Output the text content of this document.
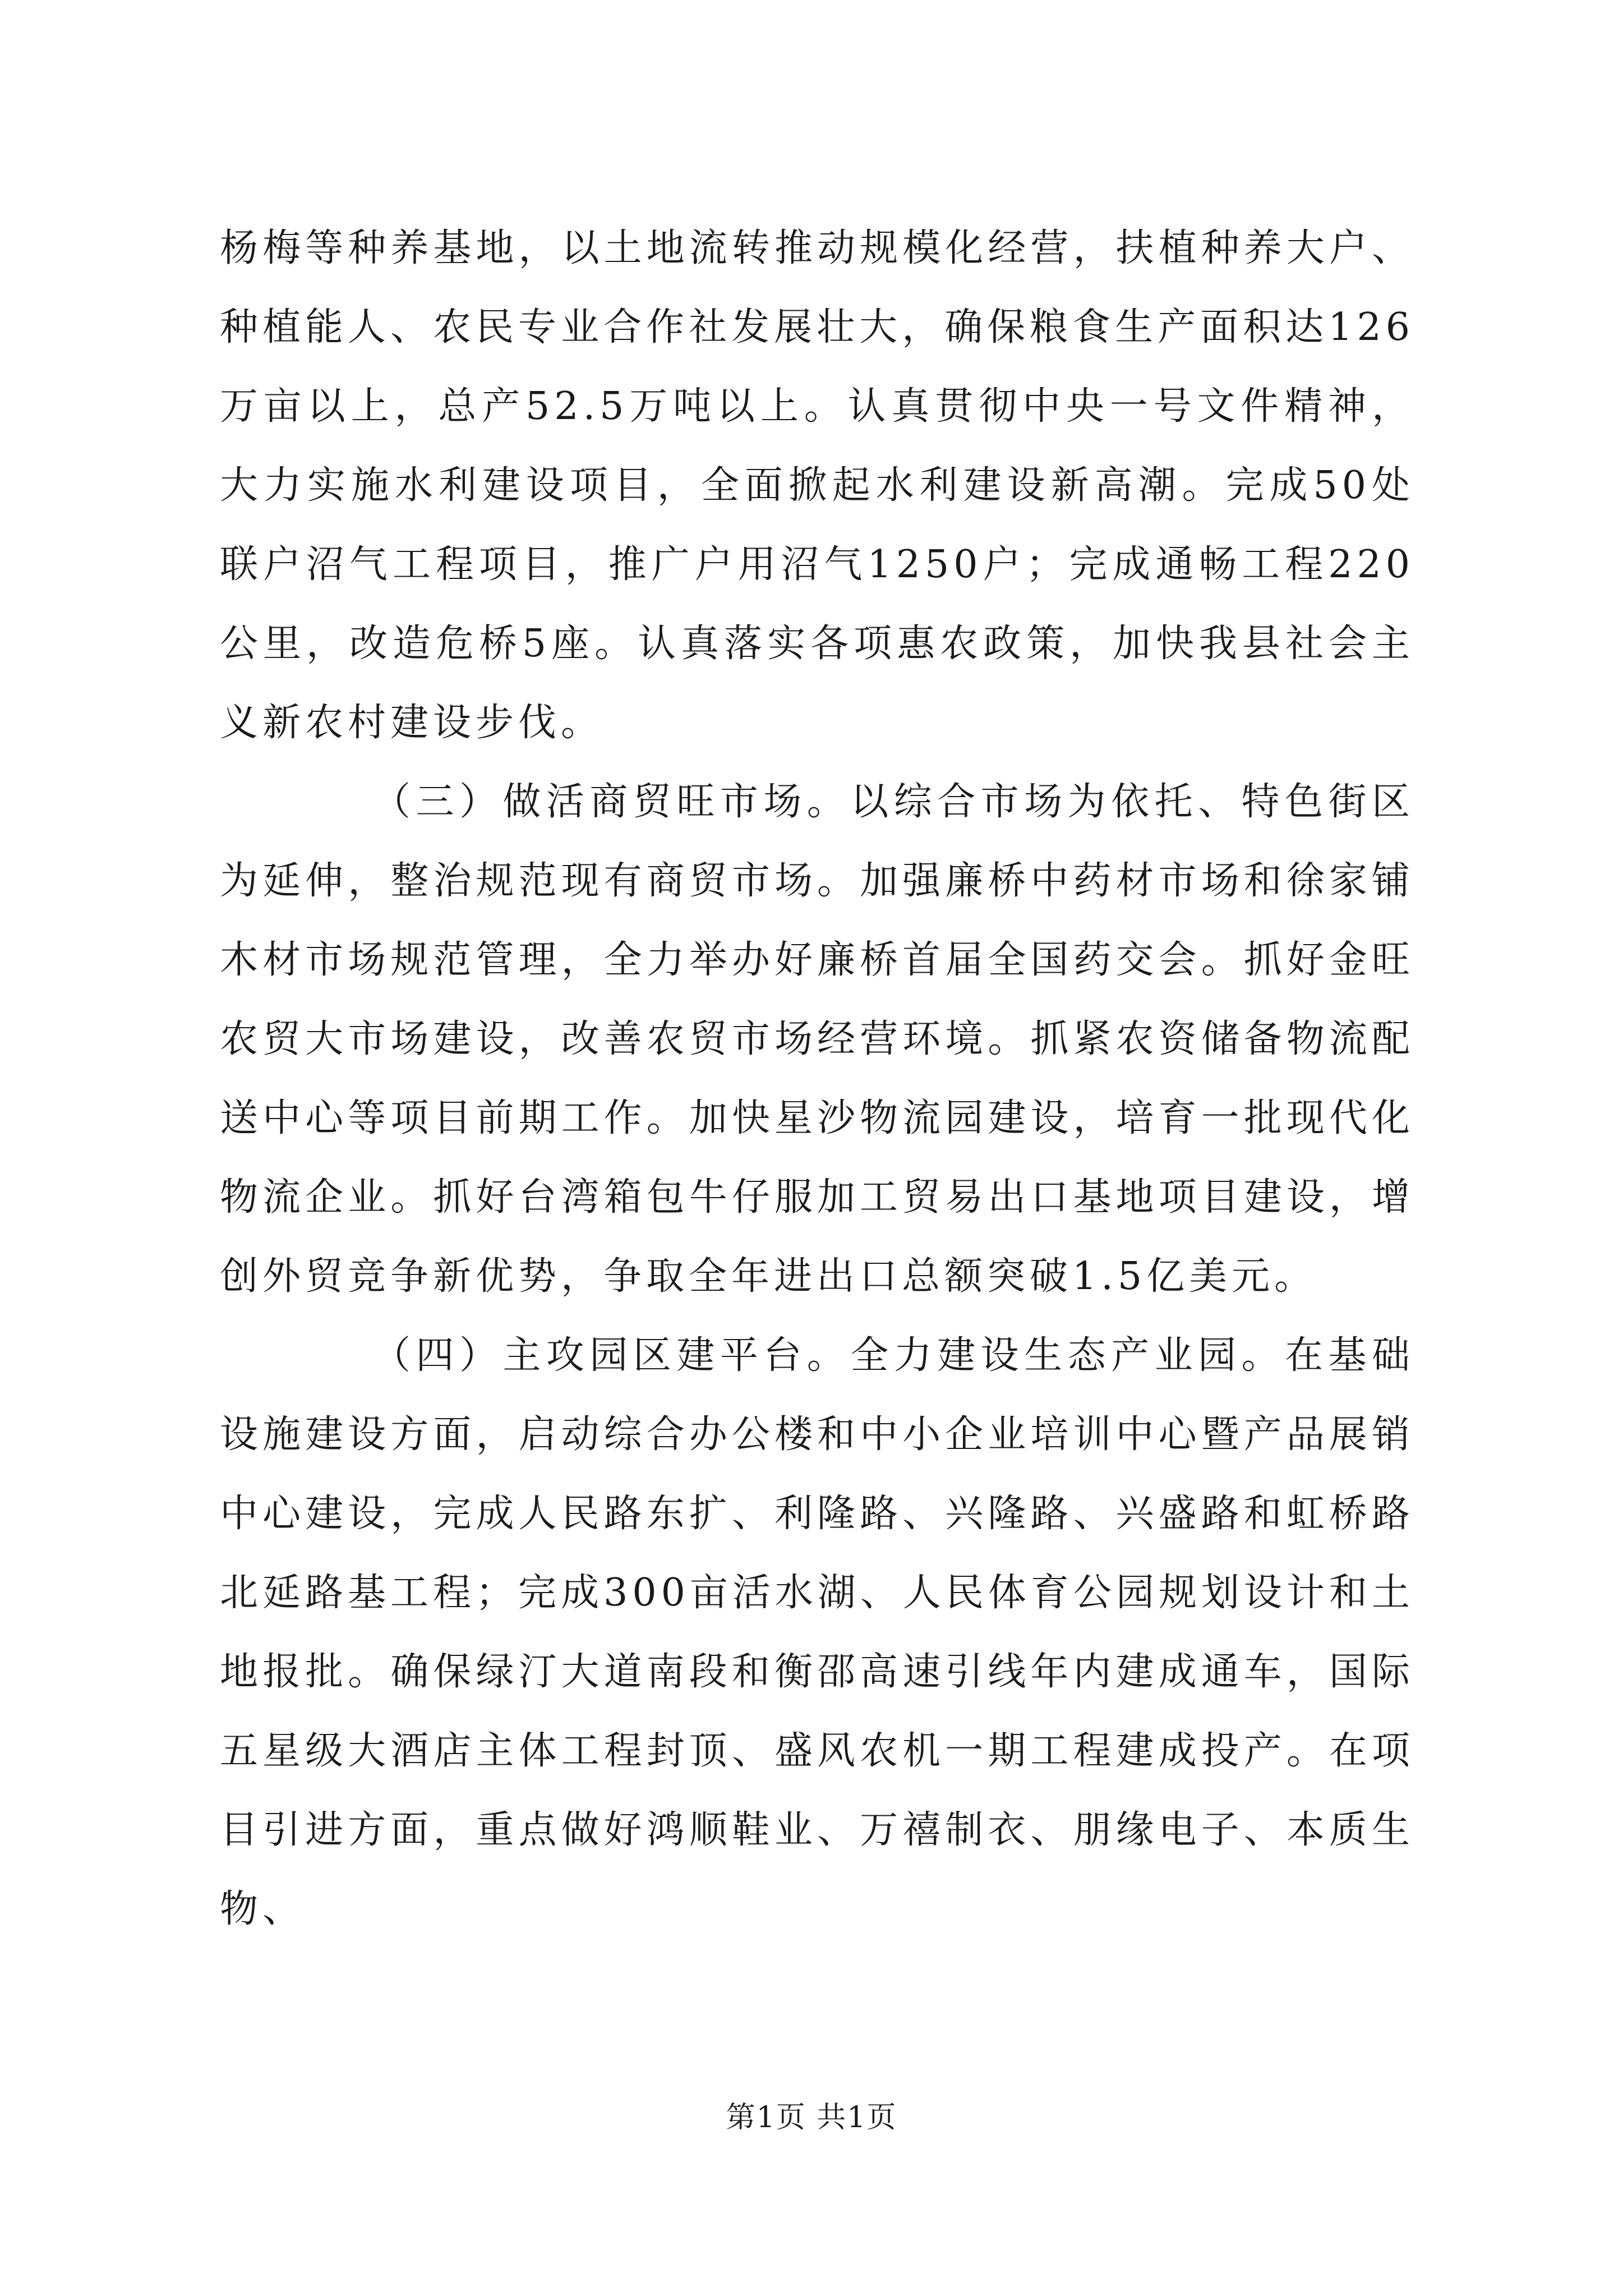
杨梅等种养基地，以土地流转推动规模化经营，扶植种养大户、种植能人、农民专业合作社发展壮大，确保粮食生产面积达126万亩以上，总产52.5万吨以上。认真贯彻中央一号文件精神，大力实施水利建设项目，全面掀起水利建设新高潮。完成50处联户沼气工程项目，推广户用沼气1250户；完成通畅工程220公里，改造危桥5座。认真落实各项惠农政策，加快我县社会主义新农村建设步伐。

（三）做活商贸旺市场。以综合市场为依托、特色街区为延伸，整治规范现有商贸市场。加强廉桥中药材市场和徐家铺木材市场规范管理，全力举办好廉桥首届全国药交会。抓好金旺农贸大市场建设，改善农贸市场经营环境。抓紧农资储备物流配送中心等项目前期工作。加快星沙物流园建设，培育一批现代化物流企业。抓好台湾箱包牛仔服加工贸易出口基地项目建设，增创外贸竞争新优势，争取全年进出口总额突破1.5亿美元。

（四）主攻园区建平台。全力建设生态产业园。在基础设施建设方面，启动综合办公楼和中小企业培训中心暨产品展销中心建设，完成人民路东扩、利隆路、兴隆路、兴盛路和虹桥路北延路基工程；完成300亩活水湖、人民体育公园规划设计和土地报批。确保绿汀大道南段和衡邵高速引线年内建成通车，国际五星级大酒店主体工程封顶、盛风农机一期工程建成投产。在项目引进方面，重点做好鸿顺鞋业、万禧制衣、朋缘电子、本质生物、

第1页 共1页
